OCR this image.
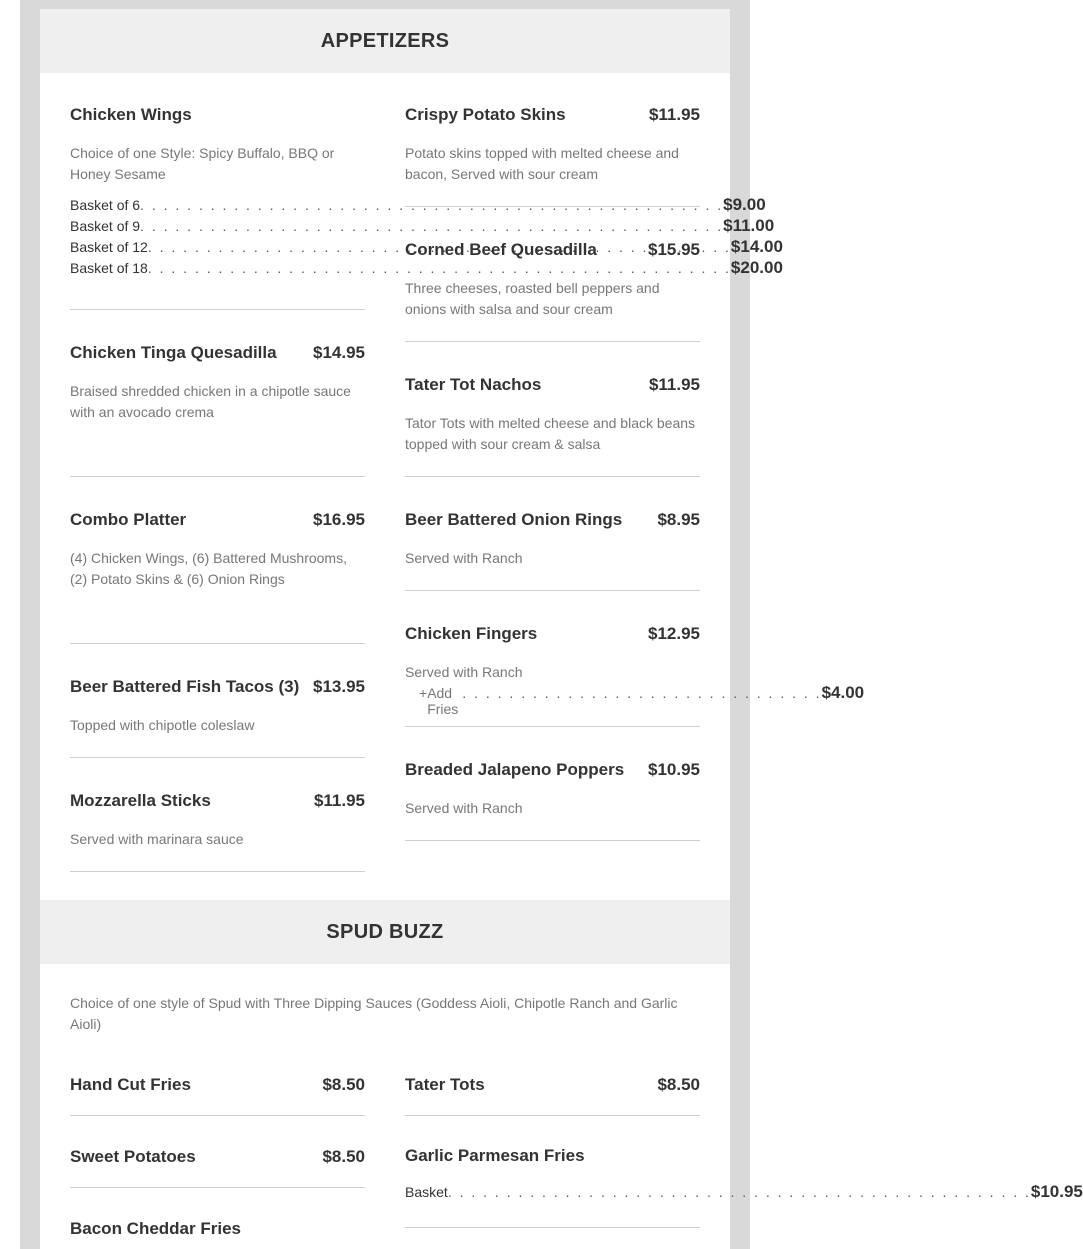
APPETIZERS
Chicken Wings
Choice of one Style: Spicy Buffalo, BBQ or Honey Sesame
Basket of 6 . . .	$9.00
Basket of 9 . . .	$11.00
Basket of 12 . . .	$14.00
Basket of 18 . . .	$20.00
Chicken Tinga Quesadilla $14.95
Braised shredded chicken in a chipotle sauce with an avocado crema
Combo Platter	$16.95
(4) Chicken Wings, (6) Battered Mushrooms, (2) Potato Skins & (6) Onion Rings
Beer Battered Fish Tacos (3) $13.95
Topped with chipotle coleslaw
Mozzarella Sticks	$11.95
Served with marinara sauce
Crispy Potato Skins	$11.95
Potato skins topped with melted cheese and bacon, Served with sour cream
Corned Beef Quesadilla	$15.95
Three cheeses, roasted bell peppers and onions with salsa and sour cream
Tater Tot Nachos	$11.95
Tator Tots with melted cheese and black beans topped with sour cream & salsa
Beer Battered Onion Rings $8.95
Served with Ranch
Chicken Fingers	$12.95
Served with Ranch
+ Add Fries
. . . . . . . . . . . . . . . . . . . . . . . . . . . . . . . $4.00
Breaded Jalapeno Poppers $10.95
Served with Ranch
SPUD BUZZ
Choice of one style of Spud with Three Dipping Sauces (Goddess Aioli, Chipotle Ranch and Garlic Aioli)
Hand Cut Fries	$8.50
Sweet Potatoes	$8.50
Bacon Cheddar Fries
Tater Tots	$8.50
Garlic Parmesan Fries
Basket . . .	$10.95
